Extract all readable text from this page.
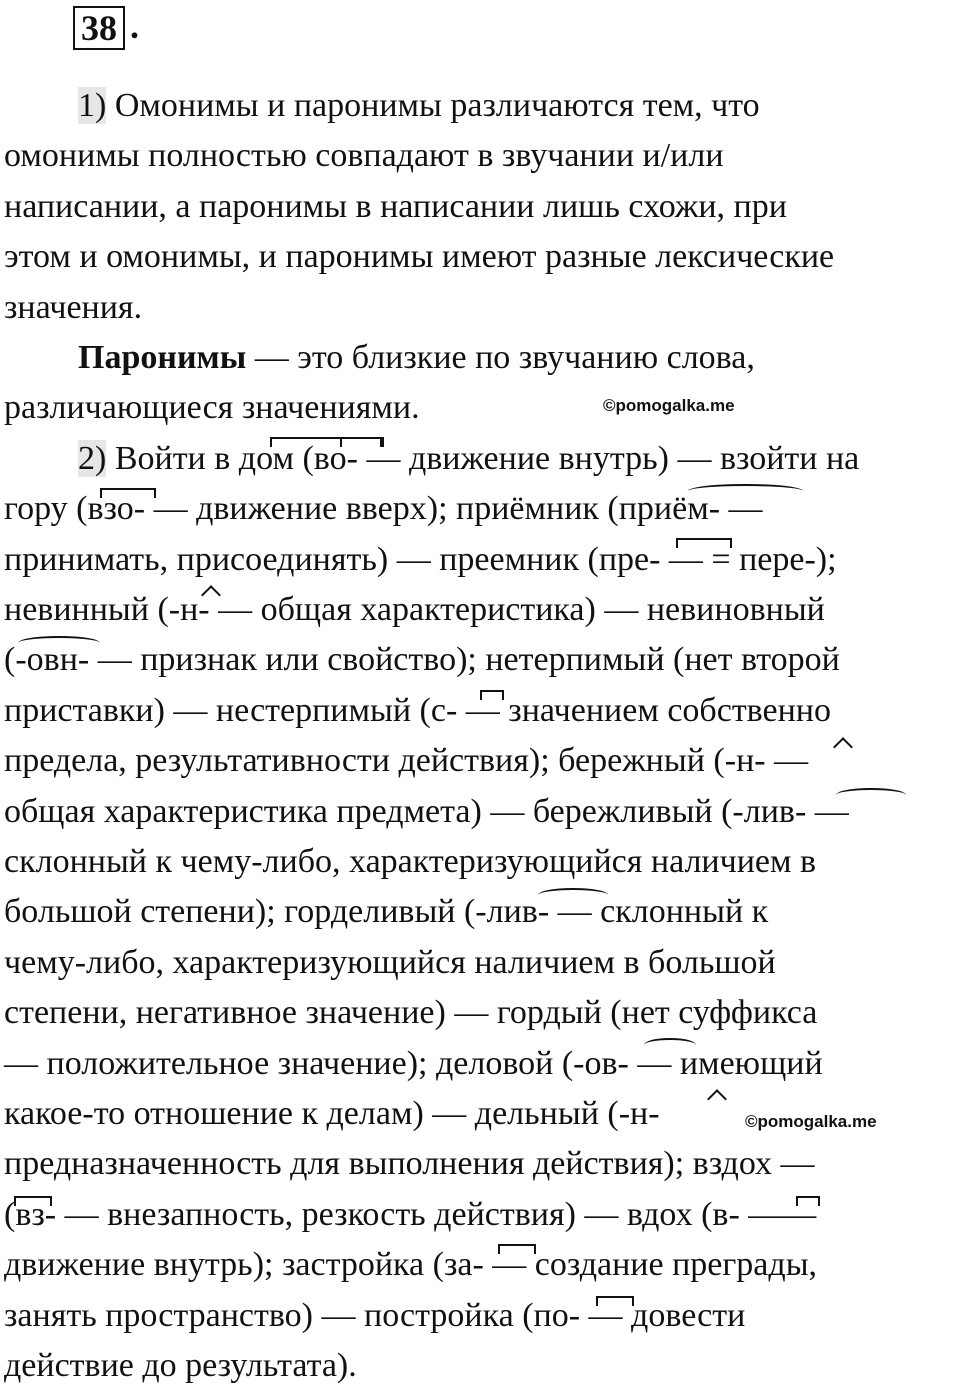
38 .
1) Омонимы и паронимы различаются тем, что
омонимы полностью совпадают в звучании и/или
написании, а паронимы в написании лишь схожи, при
этом и омонимы, и паронимы имеют разные лексические
значения.
Паронимы — это близкие по звучанию слова,
различающиеся значениями.
2) Войти в дом (во- — движение внутрь) — взойти на
гору (взо- — движение вверх); приёмник (приём- —
принимать, присоединять) — преемник (пре- — = пере-);
невинный (-н- — общая характеристика) — невиновный
(-овн- — признак или свойство); нетерпимый (нет второй
приставки) — нестерпимый (с- — значением собственно
предела, результативности действия); бережный (-н- —
общая характеристика предмета) — бережливый (-лив- —
склонный к чему-либо, характеризующийся наличием в
большой степени); горделивый (-лив- — склонный к
чему-либо, характеризующийся наличием в большой
степени, негативное значение) — гордый (нет суффикса
— положительное значение); деловой (-ов- — имеющий
какое-то отношение к делам) — дельный (-н-
предназначенность для выполнения действия); вздох —
(вз- — внезапность, резкость действия) — вдох (в- ——
движение внутрь); застройка (за- — создание преграды,
занять пространство) — постройка (по- — довести
действие до результата).
©pomogalka.me
©pomogalka.me
